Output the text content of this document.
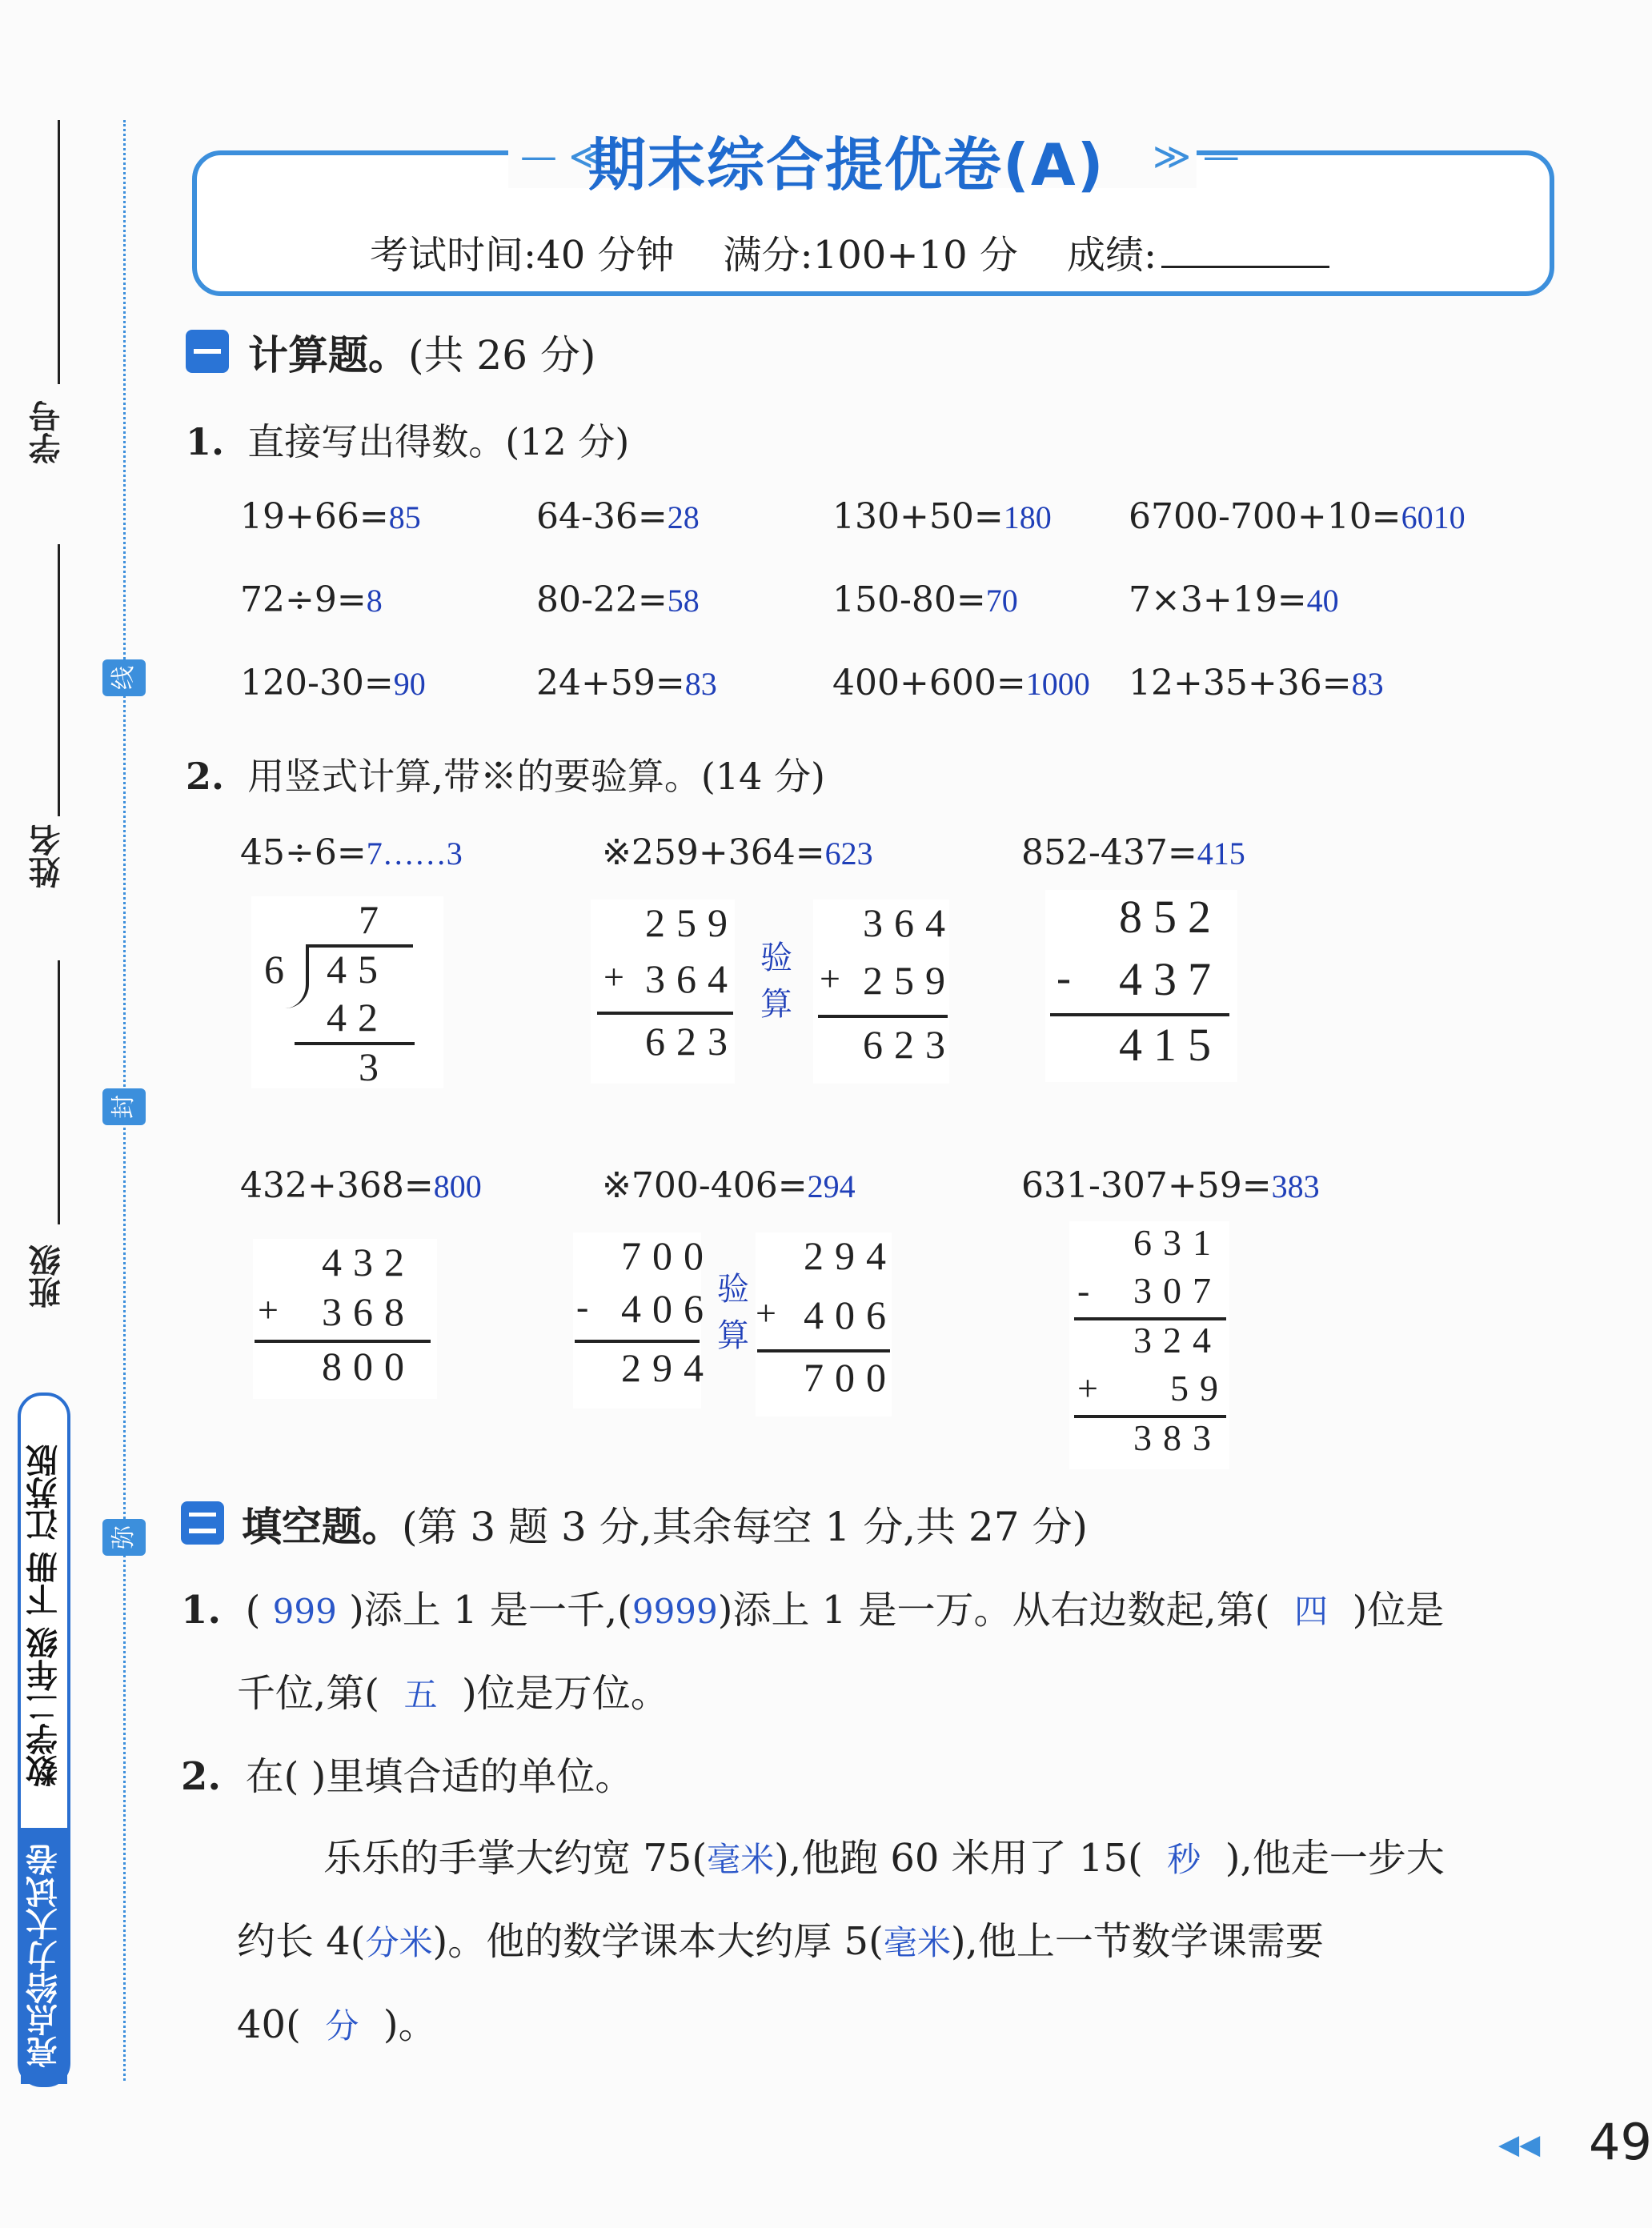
学号
姓名
班级
线
封
弥
数学二年级 下册 江苏版
亮点给力大试卷
— ≪
期末综合提优卷(A) ≫ —
考试时间:40 分钟 满分:100+10 分 成绩:
计算题。(共 26 分)
1. 直接写出得数。(12 分)
19+66=85	64-36=28	130+50=180 6700-700+10=6010
72÷9=8	80-22=58	150-80=70	7×3+19=40
120-30=90	24+59=83	400+600=1000 12+35+36=83
2. 用竖式计算,带※的要验算。(14 分)
45÷6=7……3	※259+364=623	852-437=415
7
6 45
42
3
259
+ 364
623
验
算
364
+ 259
623
852
- 437
415
432+368=800	※700-406=294	631-307+59=383
432
+ 368
800
700
- 406
294
验
算
294
+ 406
700
631
- 307
324
+ 59
383
填空题。(第 3 题 3 分,其余每空 1 分,共 27 分)
1. ( 999 )添上 1 是一千,(9999)添上 1 是一万。从右边数起,第( 四 )位是
千位,第( 五 )位是万位。
2. 在( )里填合适的单位。
乐乐的手掌大约宽 75(毫米),他跑 60 米用了 15( 秒 ),他走一步大
约长 4(分米)。他的数学课本大约厚 5(毫米),他上一节数学课需要
40( 分 )。
◀◀ 49
